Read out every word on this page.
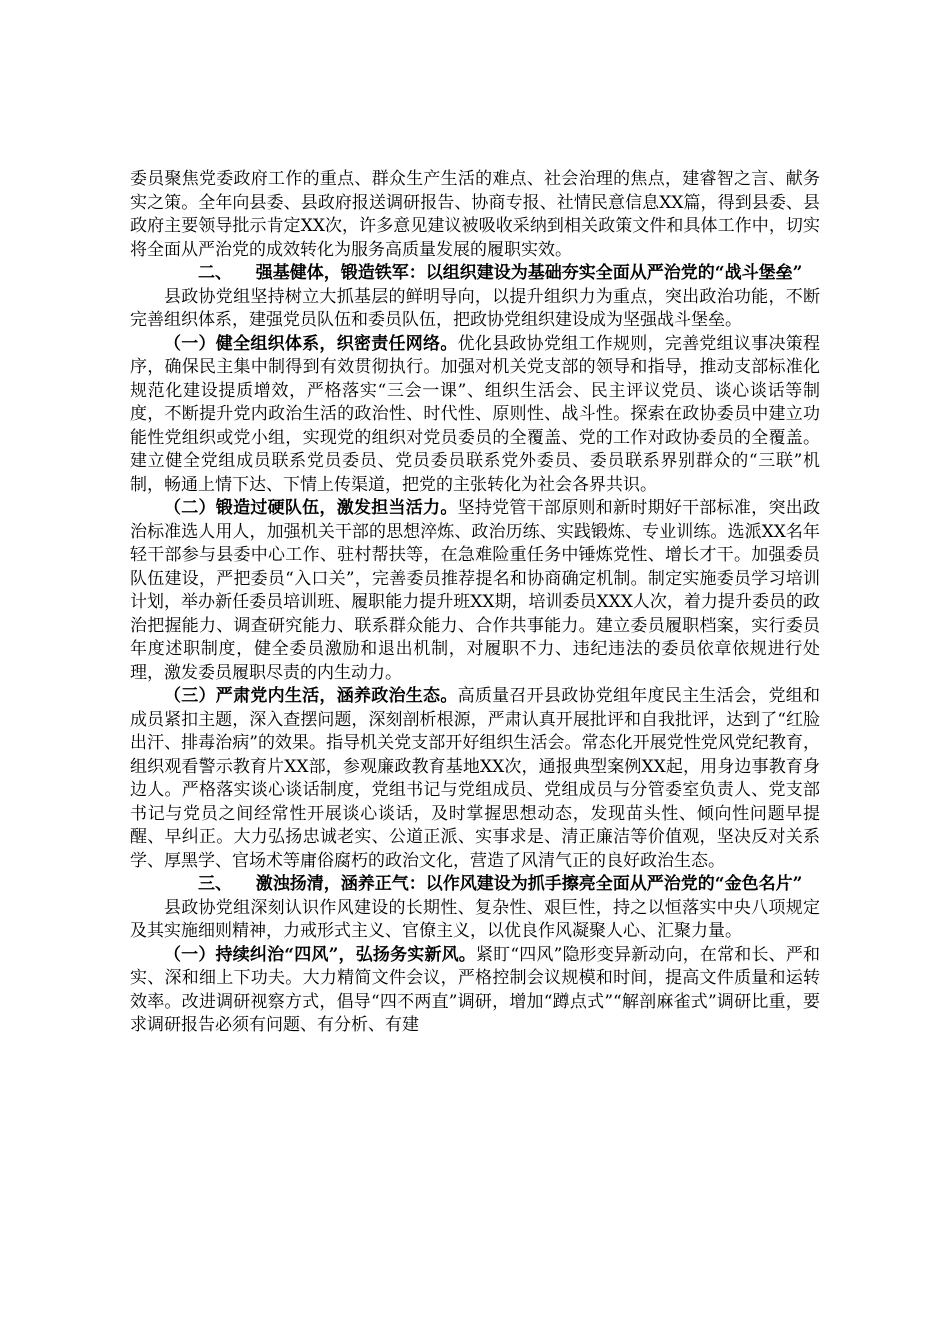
委员聚焦党委政府工作的重点、群众生产生活的难点、社会治理的焦点，建睿智之言、献务实之策。全年向县委、县政府报送调研报告、协商专报、社情民意信息XX篇，得到县委、县政府主要领导批示肯定XX次，许多意见建议被吸收采纳到相关政策文件和具体工作中，切实将全面从严治党的成效转化为服务高质量发展的履职实效。

二、 强基健体，锻造铁军：以组织建设为基础夯实全面从严治党的“战斗堡垒”

县政协党组坚持树立大抓基层的鲜明导向，以提升组织力为重点，突出政治功能，不断完善组织体系，建强党员队伍和委员队伍，把政协党组织建设成为坚强战斗堡垒。

（一）健全组织体系，织密责任网络。优化县政协党组工作规则，完善党组议事决策程序，确保民主集中制得到有效贯彻执行。加强对机关党支部的领导和指导，推动支部标准化规范化建设提质增效，严格落实“三会一课”、组织生活会、民主评议党员、谈心谈话等制度，不断提升党内政治生活的政治性、时代性、原则性、战斗性。探索在政协委员中建立功能性党组织或党小组，实现党的组织对党员委员的全覆盖、党的工作对政协委员的全覆盖。建立健全党组成员联系党员委员、党员委员联系党外委员、委员联系界别群众的“三联”机制，畅通上情下达、下情上传渠道，把党的主张转化为社会各界共识。

（二）锻造过硬队伍，激发担当活力。坚持党管干部原则和新时期好干部标准，突出政治标准选人用人，加强机关干部的思想淬炼、政治历练、实践锻炼、专业训练。选派XX名年轻干部参与县委中心工作、驻村帮扶等，在急难险重任务中锤炼党性、增长才干。加强委员队伍建设，严把委员“入口关”，完善委员推荐提名和协商确定机制。制定实施委员学习培训计划，举办新任委员培训班、履职能力提升班XX期，培训委员XXX人次，着力提升委员的政治把握能力、调查研究能力、联系群众能力、合作共事能力。建立委员履职档案，实行委员年度述职制度，健全委员激励和退出机制，对履职不力、违纪违法的委员依章依规进行处理，激发委员履职尽责的内生动力。

（三）严肃党内生活，涵养政治生态。高质量召开县政协党组年度民主生活会，党组和成员紧扣主题，深入查摆问题，深刻剖析根源，严肃认真开展批评和自我批评，达到了“红脸出汗、排毒治病”的效果。指导机关党支部开好组织生活会。常态化开展党性党风党纪教育，组织观看警示教育片XX部，参观廉政教育基地XX次，通报典型案例XX起，用身边事教育身边人。严格落实谈心谈话制度，党组书记与党组成员、党组成员与分管委室负责人、党支部书记与党员之间经常性开展谈心谈话，及时掌握思想动态，发现苗头性、倾向性问题早提醒、早纠正。大力弘扬忠诚老实、公道正派、实事求是、清正廉洁等价值观，坚决反对关系学、厚黑学、官场术等庸俗腐朽的政治文化，营造了风清气正的良好政治生态。

三、 激浊扬清，涵养正气：以作风建设为抓手擦亮全面从严治党的“金色名片”

县政协党组深刻认识作风建设的长期性、复杂性、艰巨性，持之以恒落实中央八项规定及其实施细则精神，力戒形式主义、官僚主义，以优良作风凝聚人心、汇聚力量。

（一）持续纠治“四风”，弘扬务实新风。紧盯“四风”隐形变异新动向，在常和长、严和实、深和细上下功夫。大力精简文件会议，严格控制会议规模和时间，提高文件质量和运转效率。改进调研视察方式，倡导“四不两直”调研，增加“蹲点式”“解剖麻雀式”调研比重，要求调研报告必须有问题、有分析、有建
